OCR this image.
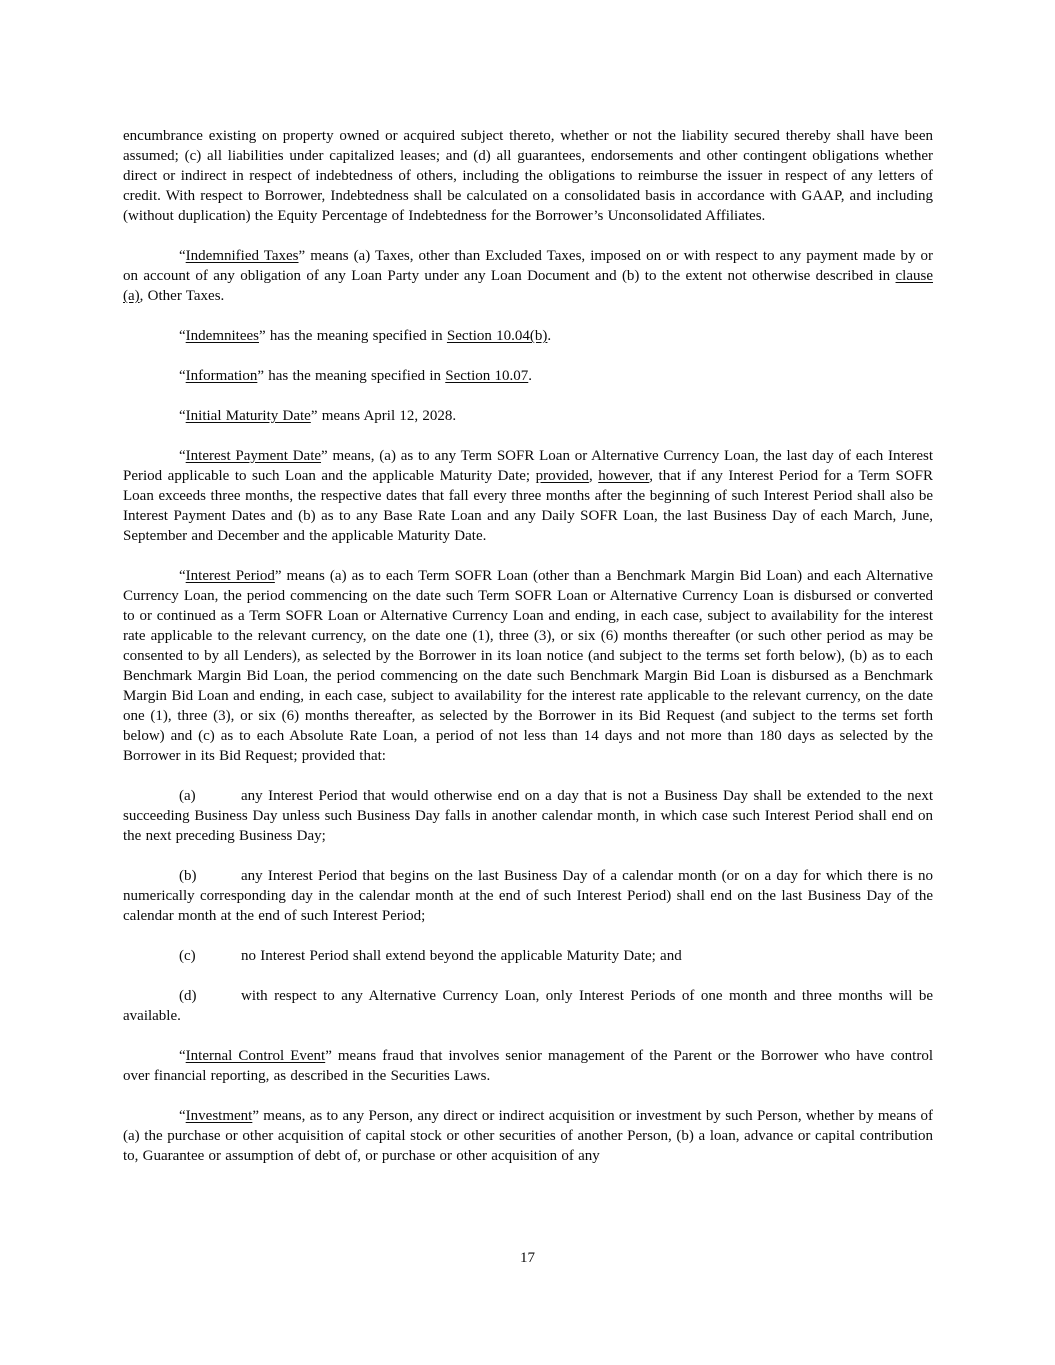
encumbrance existing on property owned or acquired subject thereto, whether or not the liability secured thereby shall have been assumed; (c) all liabilities under capitalized leases; and (d) all guarantees, endorsements and other contingent obligations whether direct or indirect in respect of indebtedness of others, including the obligations to reimburse the issuer in respect of any letters of credit. With respect to Borrower, Indebtedness shall be calculated on a consolidated basis in accordance with GAAP, and including (without duplication) the Equity Percentage of Indebtedness for the Borrower’s Unconsolidated Affiliates.

“Indemnified Taxes” means (a) Taxes, other than Excluded Taxes, imposed on or with respect to any payment made by or on account of any obligation of any Loan Party under any Loan Document and (b) to the extent not otherwise described in clause (a), Other Taxes.

“Indemnitees” has the meaning specified in Section 10.04(b).

“Information” has the meaning specified in Section 10.07.

“Initial Maturity Date” means April 12, 2028.

“Interest Payment Date” means, (a) as to any Term SOFR Loan or Alternative Currency Loan, the last day of each Interest Period applicable to such Loan and the applicable Maturity Date; provided, however, that if any Interest Period for a Term SOFR Loan exceeds three months, the respective dates that fall every three months after the beginning of such Interest Period shall also be Interest Payment Dates and (b) as to any Base Rate Loan and any Daily SOFR Loan, the last Business Day of each March, June, September and December and the applicable Maturity Date.

“Interest Period” means (a) as to each Term SOFR Loan (other than a Benchmark Margin Bid Loan) and each Alternative Currency Loan, the period commencing on the date such Term SOFR Loan or Alternative Currency Loan is disbursed or converted to or continued as a Term SOFR Loan or Alternative Currency Loan and ending, in each case, subject to availability for the interest rate applicable to the relevant currency, on the date one (1), three (3), or six (6) months thereafter (or such other period as may be consented to by all Lenders), as selected by the Borrower in its loan notice (and subject to the terms set forth below), (b) as to each Benchmark Margin Bid Loan, the period commencing on the date such Benchmark Margin Bid Loan is disbursed as a Benchmark Margin Bid Loan and ending, in each case, subject to availability for the interest rate applicable to the relevant currency, on the date one (1), three (3), or six (6) months thereafter, as selected by the Borrower in its Bid Request (and subject to the terms set forth below) and (c) as to each Absolute Rate Loan, a period of not less than 14 days and not more than 180 days as selected by the Borrower in its Bid Request; provided that:

(a)	any Interest Period that would otherwise end on a day that is not a Business Day shall be extended to the next succeeding Business Day unless such Business Day falls in another calendar month, in which case such Interest Period shall end on the next preceding Business Day;

(b)	any Interest Period that begins on the last Business Day of a calendar month (or on a day for which there is no numerically corresponding day in the calendar month at the end of such Interest Period) shall end on the last Business Day of the calendar month at the end of such Interest Period;

(c)	no Interest Period shall extend beyond the applicable Maturity Date; and

(d)	with respect to any Alternative Currency Loan, only Interest Periods of one month and three months will be available.

“Internal Control Event” means fraud that involves senior management of the Parent or the Borrower who have control over financial reporting, as described in the Securities Laws.

“Investment” means, as to any Person, any direct or indirect acquisition or investment by such Person, whether by means of (a) the purchase or other acquisition of capital stock or other securities of another Person, (b) a loan, advance or capital contribution to, Guarantee or assumption of debt of, or purchase or other acquisition of any

17
